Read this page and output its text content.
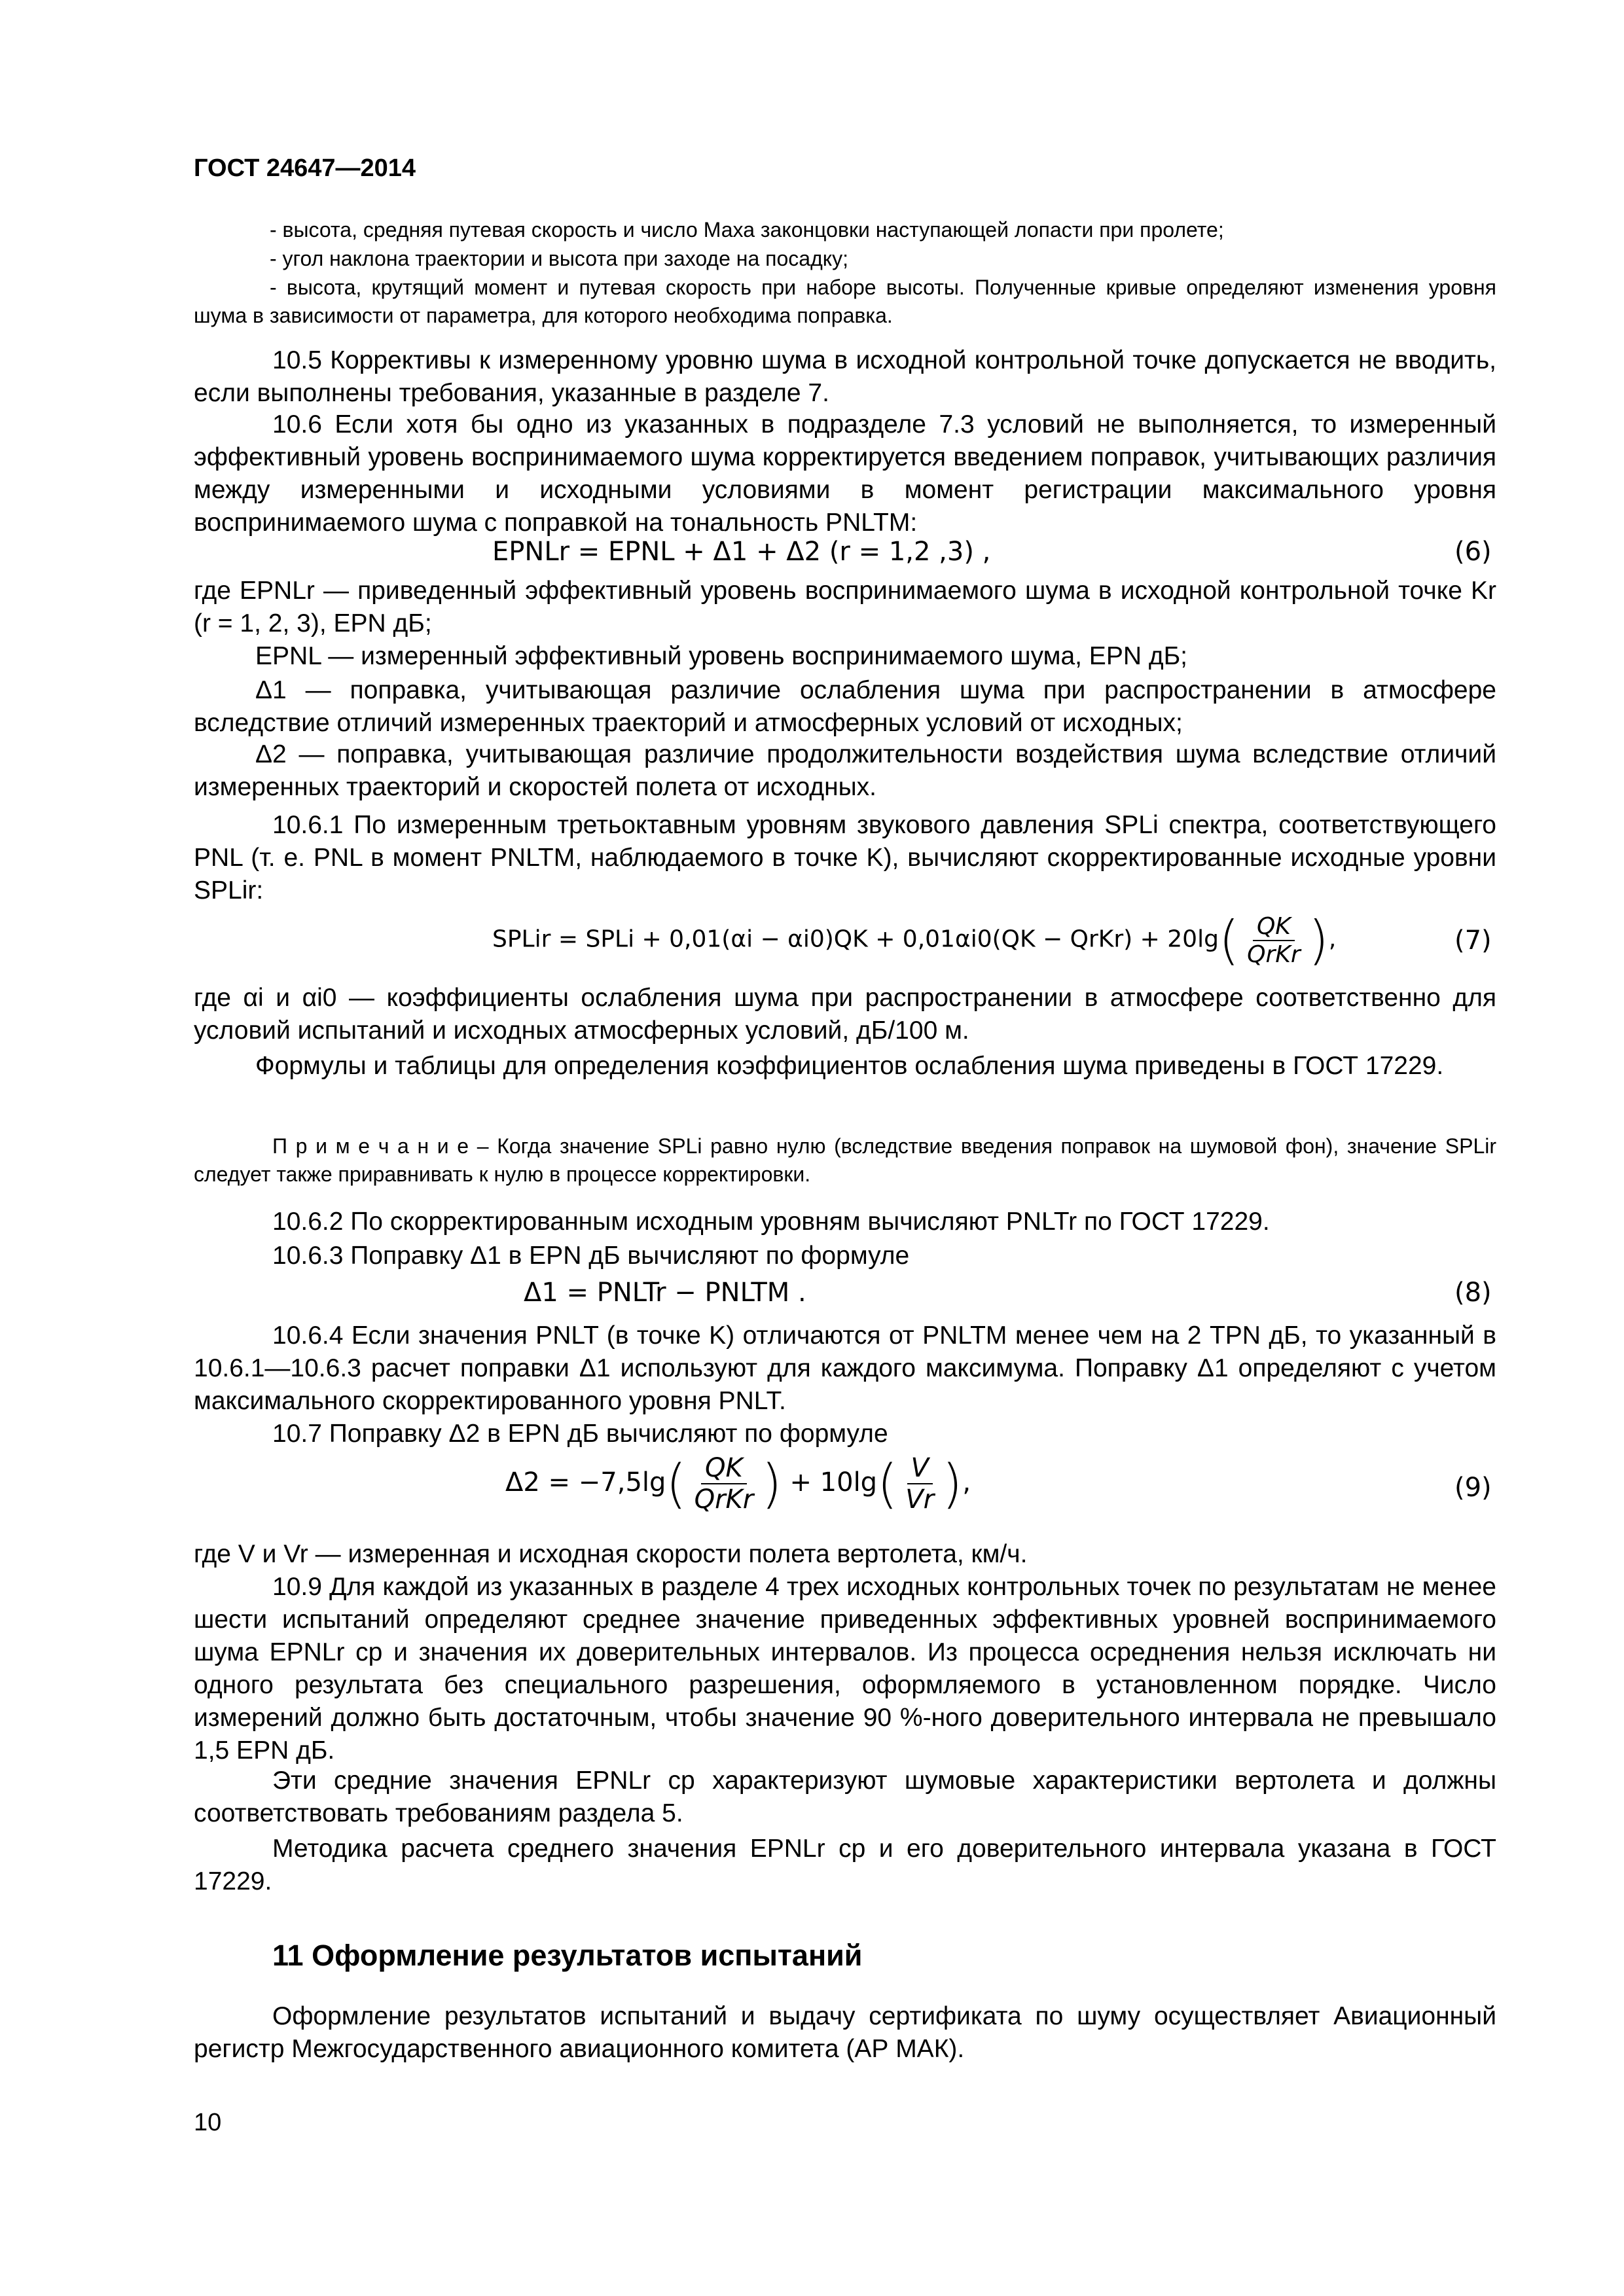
ГОСТ 24647—2014
- высота, средняя путевая скорость и число Маха законцовки наступающей лопасти при пролете;
- угол наклона траектории и высота при заходе на посадку;
- высота, крутящий момент и путевая скорость при наборе высоты. Полученные кривые определяют изменения уровня шума в зависимости от параметра, для которого необходима поправка.
10.5 Коррективы к измеренному уровню шума в исходной контрольной точке допускается не вводить, если выполнены требования, указанные в разделе 7.
10.6 Если хотя бы одно из указанных в подразделе 7.3 условий не выполняется, то измеренный эффективный уровень воспринимаемого шума корректируется введением поправок, учитывающих различия между измеренными и исходными условиями в момент регистрации максимального уровня воспринимаемого шума с поправкой на тональность PNLTM:
EPNLr = EPNL + Δ1 + Δ2 (r = 1,2 ,3) ,	(6)
где EPNLr — приведенный эффективный уровень воспринимаемого шума в исходной контрольной точке Kr (r = 1, 2, 3), EPN дБ;
EPNL — измеренный эффективный уровень воспринимаемого шума, EPN дБ;
Δ1 — поправка, учитывающая различие ослабления шума при распространении в атмосфере вследствие отличий измеренных траекторий и атмосферных условий от исходных;
Δ2 — поправка, учитывающая различие продолжительности воздействия шума вследствие отличий измеренных траекторий и скоростей полета от исходных.
10.6.1 По измеренным третьоктавным уровням звукового давления SPLi спектра, соответствующего PNL (т. е. PNL в момент PNLTM, наблюдаемого в точке K), вычисляют скорректированные исходные уровни SPLir:
SPLir = SPLi + 0,01(αi − αi0)QK + 0,01αi0(QK − QrKr) + $20\lg( \frac{QK}{\text{QrKr}}$ ),	(7)
где αi и αi0 — коэффициенты ослабления шума при распространении в атмосфере соответственно для условий испытаний и исходных атмосферных условий, дБ/100 м.
Формулы и таблицы для определения коэффициентов ослабления шума приведены в ГОСТ 17229.
П р и м е ч а н и е – Когда значение SPLi равно нулю (вследствие введения поправок на шумовой фон), значение SPLir следует также приравнивать к нулю в процессе корректировки.
10.6.2 По скорректированным исходным уровням вычисляют PNLTr по ГОСТ 17229.
10.6.3 Поправку Δ1 в EPN дБ вычисляют по формуле
Δ1 = PNLTr − PNLTM .	(8)
10.6.4 Если значения PNLT (в точке K) отличаются от PNLTM менее чем на 2 TPN дБ, то указанный в 10.6.1—10.6.3 расчет поправки Δ1 используют для каждого максимума. Поправку Δ1 определяют с учетом максимального скорректированного уровня PNLT.
10.7 Поправку Δ2 в EPN дБ вычисляют по формуле
$\Delta 2 = -7,5\lg( \frac{QK}{\text{QrKr}}$ ) + $10\lg( \frac{V}{Vr}$ ),	(9)
где V и Vr — измеренная и исходная скорости полета вертолета, км/ч.
10.9 Для каждой из указанных в разделе 4 трех исходных контрольных точек по результатам не менее шести испытаний определяют среднее значение приведенных эффективных уровней воспринимаемого шума EPNLr ср и значения их доверительных интервалов. Из процесса осреднения нельзя исключать ни одного результата без специального разрешения, оформляемого в установленном порядке. Число измерений должно быть достаточным, чтобы значение 90 %-ного доверительного интервала не превышало 1,5 EPN дБ.
Эти средние значения EPNLr ср характеризуют шумовые характеристики вертолета и должны соответствовать требованиям раздела 5.
Методика расчета среднего значения EPNLr ср и его доверительного интервала указана в ГОСТ 17229.
11 Оформление результатов испытаний
Оформление результатов испытаний и выдачу сертификата по шуму осуществляет Авиационный регистр Межгосударственного авиационного комитета (АР МАК).
10
